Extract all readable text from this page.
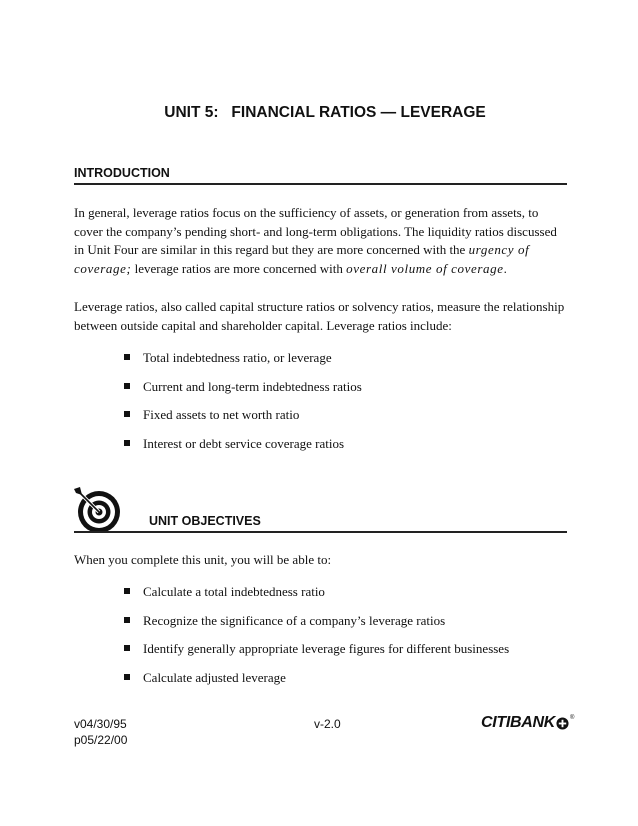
UNIT 5:   FINANCIAL RATIOS — LEVERAGE
INTRODUCTION

In general, leverage ratios focus on the sufficiency of assets, or generation from assets, to cover the company’s pending short- and long-term obligations. The liquidity ratios discussed in Unit Four are similar in this regard but they are more concerned with the urgency of coverage; leverage ratios are more concerned with overall volume of coverage.

Leverage ratios, also called capital structure ratios or solvency ratios, measure the relationship between outside capital and shareholder capital. Leverage ratios include:

Total indebtedness ratio, or leverage
Current and long-term indebtedness ratios
Fixed assets to net worth ratio
Interest or debt service coverage ratios
UNIT OBJECTIVES

When you complete this unit, you will be able to:

Calculate a total indebtedness ratio
Recognize the significance of a company’s leverage ratios
Identify generally appropriate leverage figures for different businesses
Calculate adjusted leverage
v04/30/95
p05/22/00
v-2.0	CITIBANK	®
